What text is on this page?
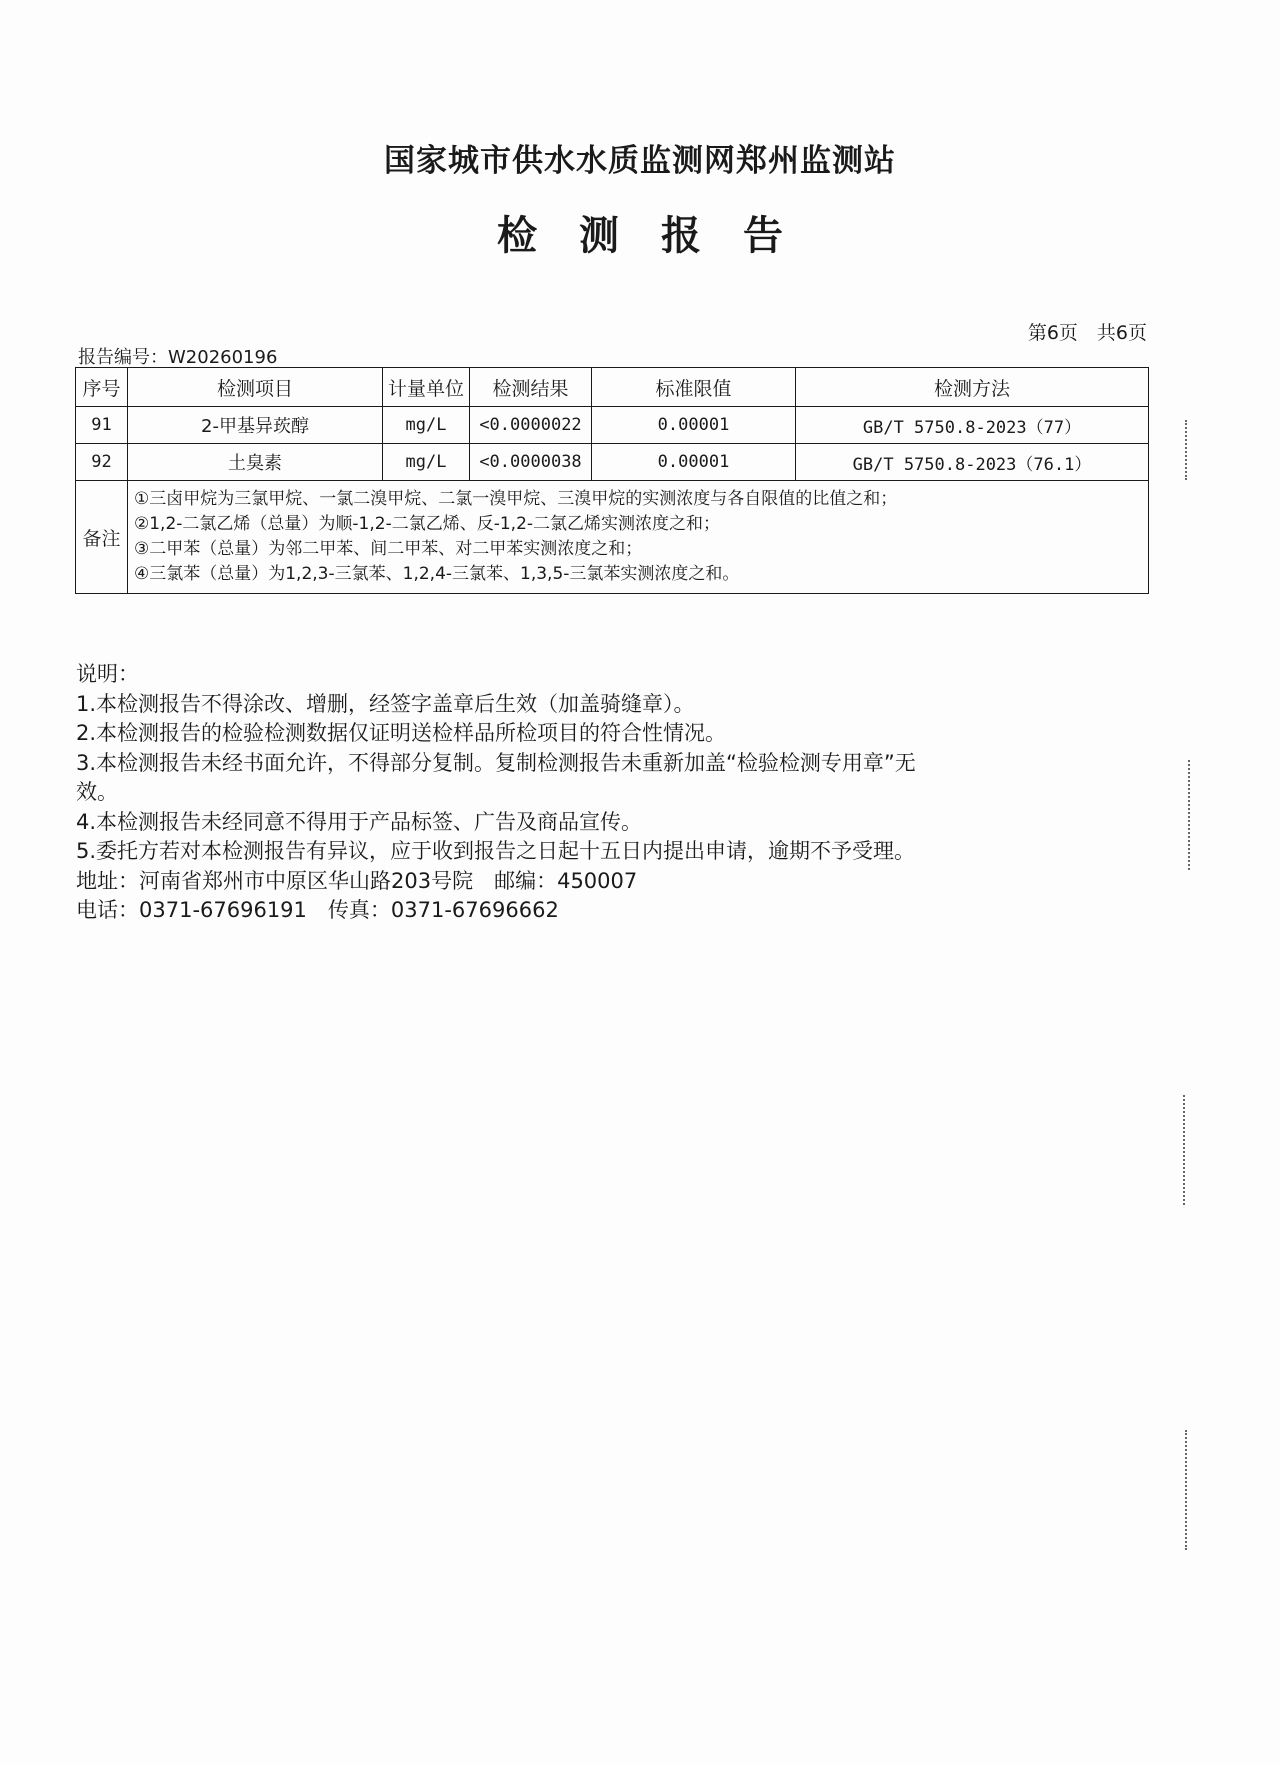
国家城市供水水质监测网郑州监测站
检测报告
第6页　共6页
报告编号：W20260196
序号	检测项目	计量单位	检测结果	标准限值	检测方法
91	2-甲基异莰醇	mg/L	<0.0000022	0.00001	GB/T 5750.8-2023（77）
92	土臭素	mg/L	<0.0000038	0.00001	GB/T 5750.8-2023（76.1）
备注	①三卤甲烷为三氯甲烷、一氯二溴甲烷、二氯一溴甲烷、三溴甲烷的实测浓度与各自限值的比值之和；
②1,2-二氯乙烯（总量）为顺-1,2-二氯乙烯、反-1,2-二氯乙烯实测浓度之和；
③二甲苯（总量）为邻二甲苯、间二甲苯、对二甲苯实测浓度之和；
④三氯苯（总量）为1,2,3-三氯苯、1,2,4-三氯苯、1,3,5-三氯苯实测浓度之和。				
说明：
1.本检测报告不得涂改、增删，经签字盖章后生效（加盖骑缝章）。
2.本检测报告的检验检测数据仅证明送检样品所检项目的符合性情况。
3.本检测报告未经书面允许，不得部分复制。复制检测报告未重新加盖“检验检测专用章”无
效。
4.本检测报告未经同意不得用于产品标签、广告及商品宣传。
5.委托方若对本检测报告有异议，应于收到报告之日起十五日内提出申请，逾期不予受理。
地址：河南省郑州市中原区华山路203号院　邮编：450007
电话：0371-67696191　传真：0371-67696662
